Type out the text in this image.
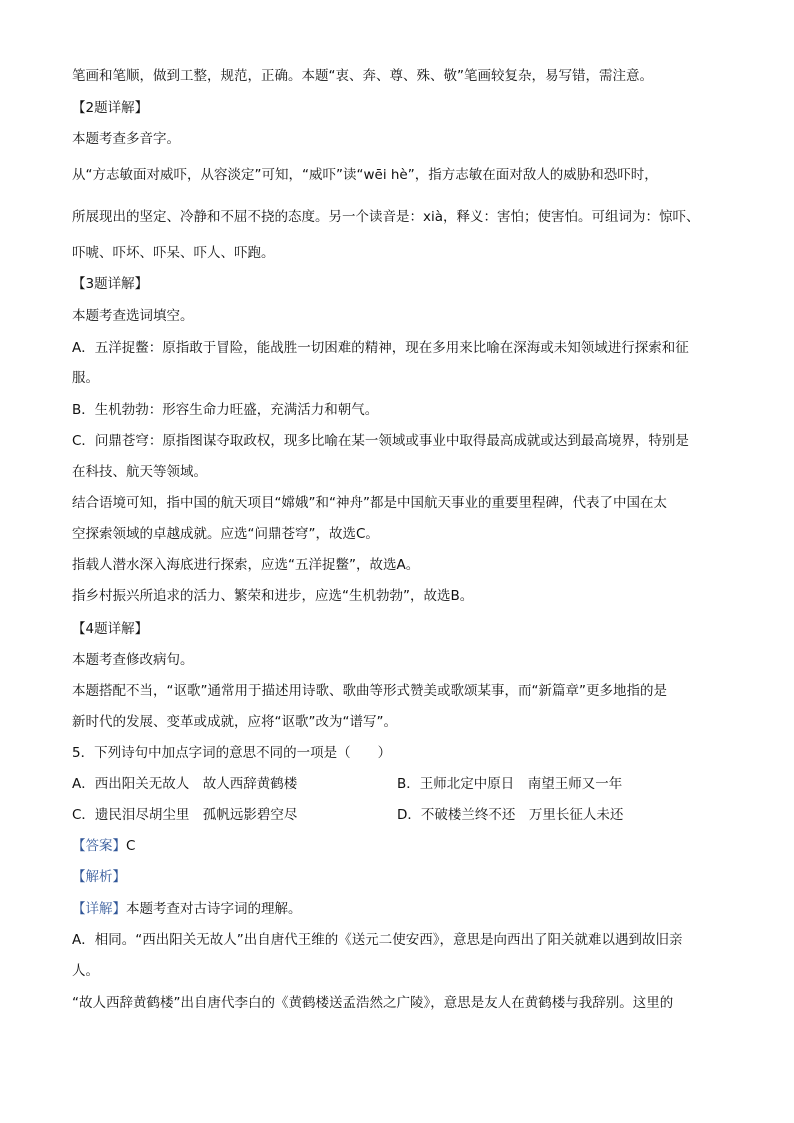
笔画和笔顺，做到工整，规范，正确。本题“衷、奔、尊、殊、敬”笔画较复杂，易写错，需注意。
【2题详解】
本题考查多音字。
从“方志敏面对威吓，从容淡定”可知，“威吓”读“wēi hè”，指方志敏在面对敌人的威胁和恐吓时，
所展现出的坚定、冷静和不屈不挠的态度。另一个读音是：xià，释义：害怕；使害怕。可组词为：惊吓、
吓唬、吓坏、吓呆、吓人、吓跑。
【3题详解】
本题考查选词填空。
A．五洋捉鳖：原指敢于冒险，能战胜一切困难的精神，现在多用来比喻在深海或未知领域进行探索和征
服。
B．生机勃勃：形容生命力旺盛，充满活力和朝气。
C．问鼎苍穹：原指图谋夺取政权，现多比喻在某一领域或事业中取得最高成就或达到最高境界，特别是
在科技、航天等领域。
结合语境可知，指中国的航天项目“嫦娥”和“神舟”都是中国航天事业的重要里程碑，代表了中国在太
空探索领域的卓越成就。应选“问鼎苍穹”，故选C。
指载人潜水深入海底进行探索，应选“五洋捉鳖”，故选A。
指乡村振兴所追求的活力、繁荣和进步，应选“生机勃勃”，故选B。
【4题详解】
本题考查修改病句。
本题搭配不当，“讴歌”通常用于描述用诗歌、歌曲等形式赞美或歌颂某事，而“新篇章”更多地指的是
新时代的发展、变革或成就，应将“讴歌”改为“谱写”。
5．下列诗句中加点字词的意思不同的一项是（　　）
A．西出阳关无故人　故人西辞黄鹤楼	B．王师北定中原日　南望王师又一年
C．遗民泪尽胡尘里　孤帆远影碧空尽	D．不破楼兰终不还　万里长征人未还
【答案】C
【解析】
【详解】本题考查对古诗字词的理解。
A．相同。“西出阳关无故人”出自唐代王维的《送元二使安西》，意思是向西出了阳关就难以遇到故旧亲
人。
“故人西辞黄鹤楼”出自唐代李白的《黄鹤楼送孟浩然之广陵》，意思是友人在黄鹤楼与我辞别。这里的
